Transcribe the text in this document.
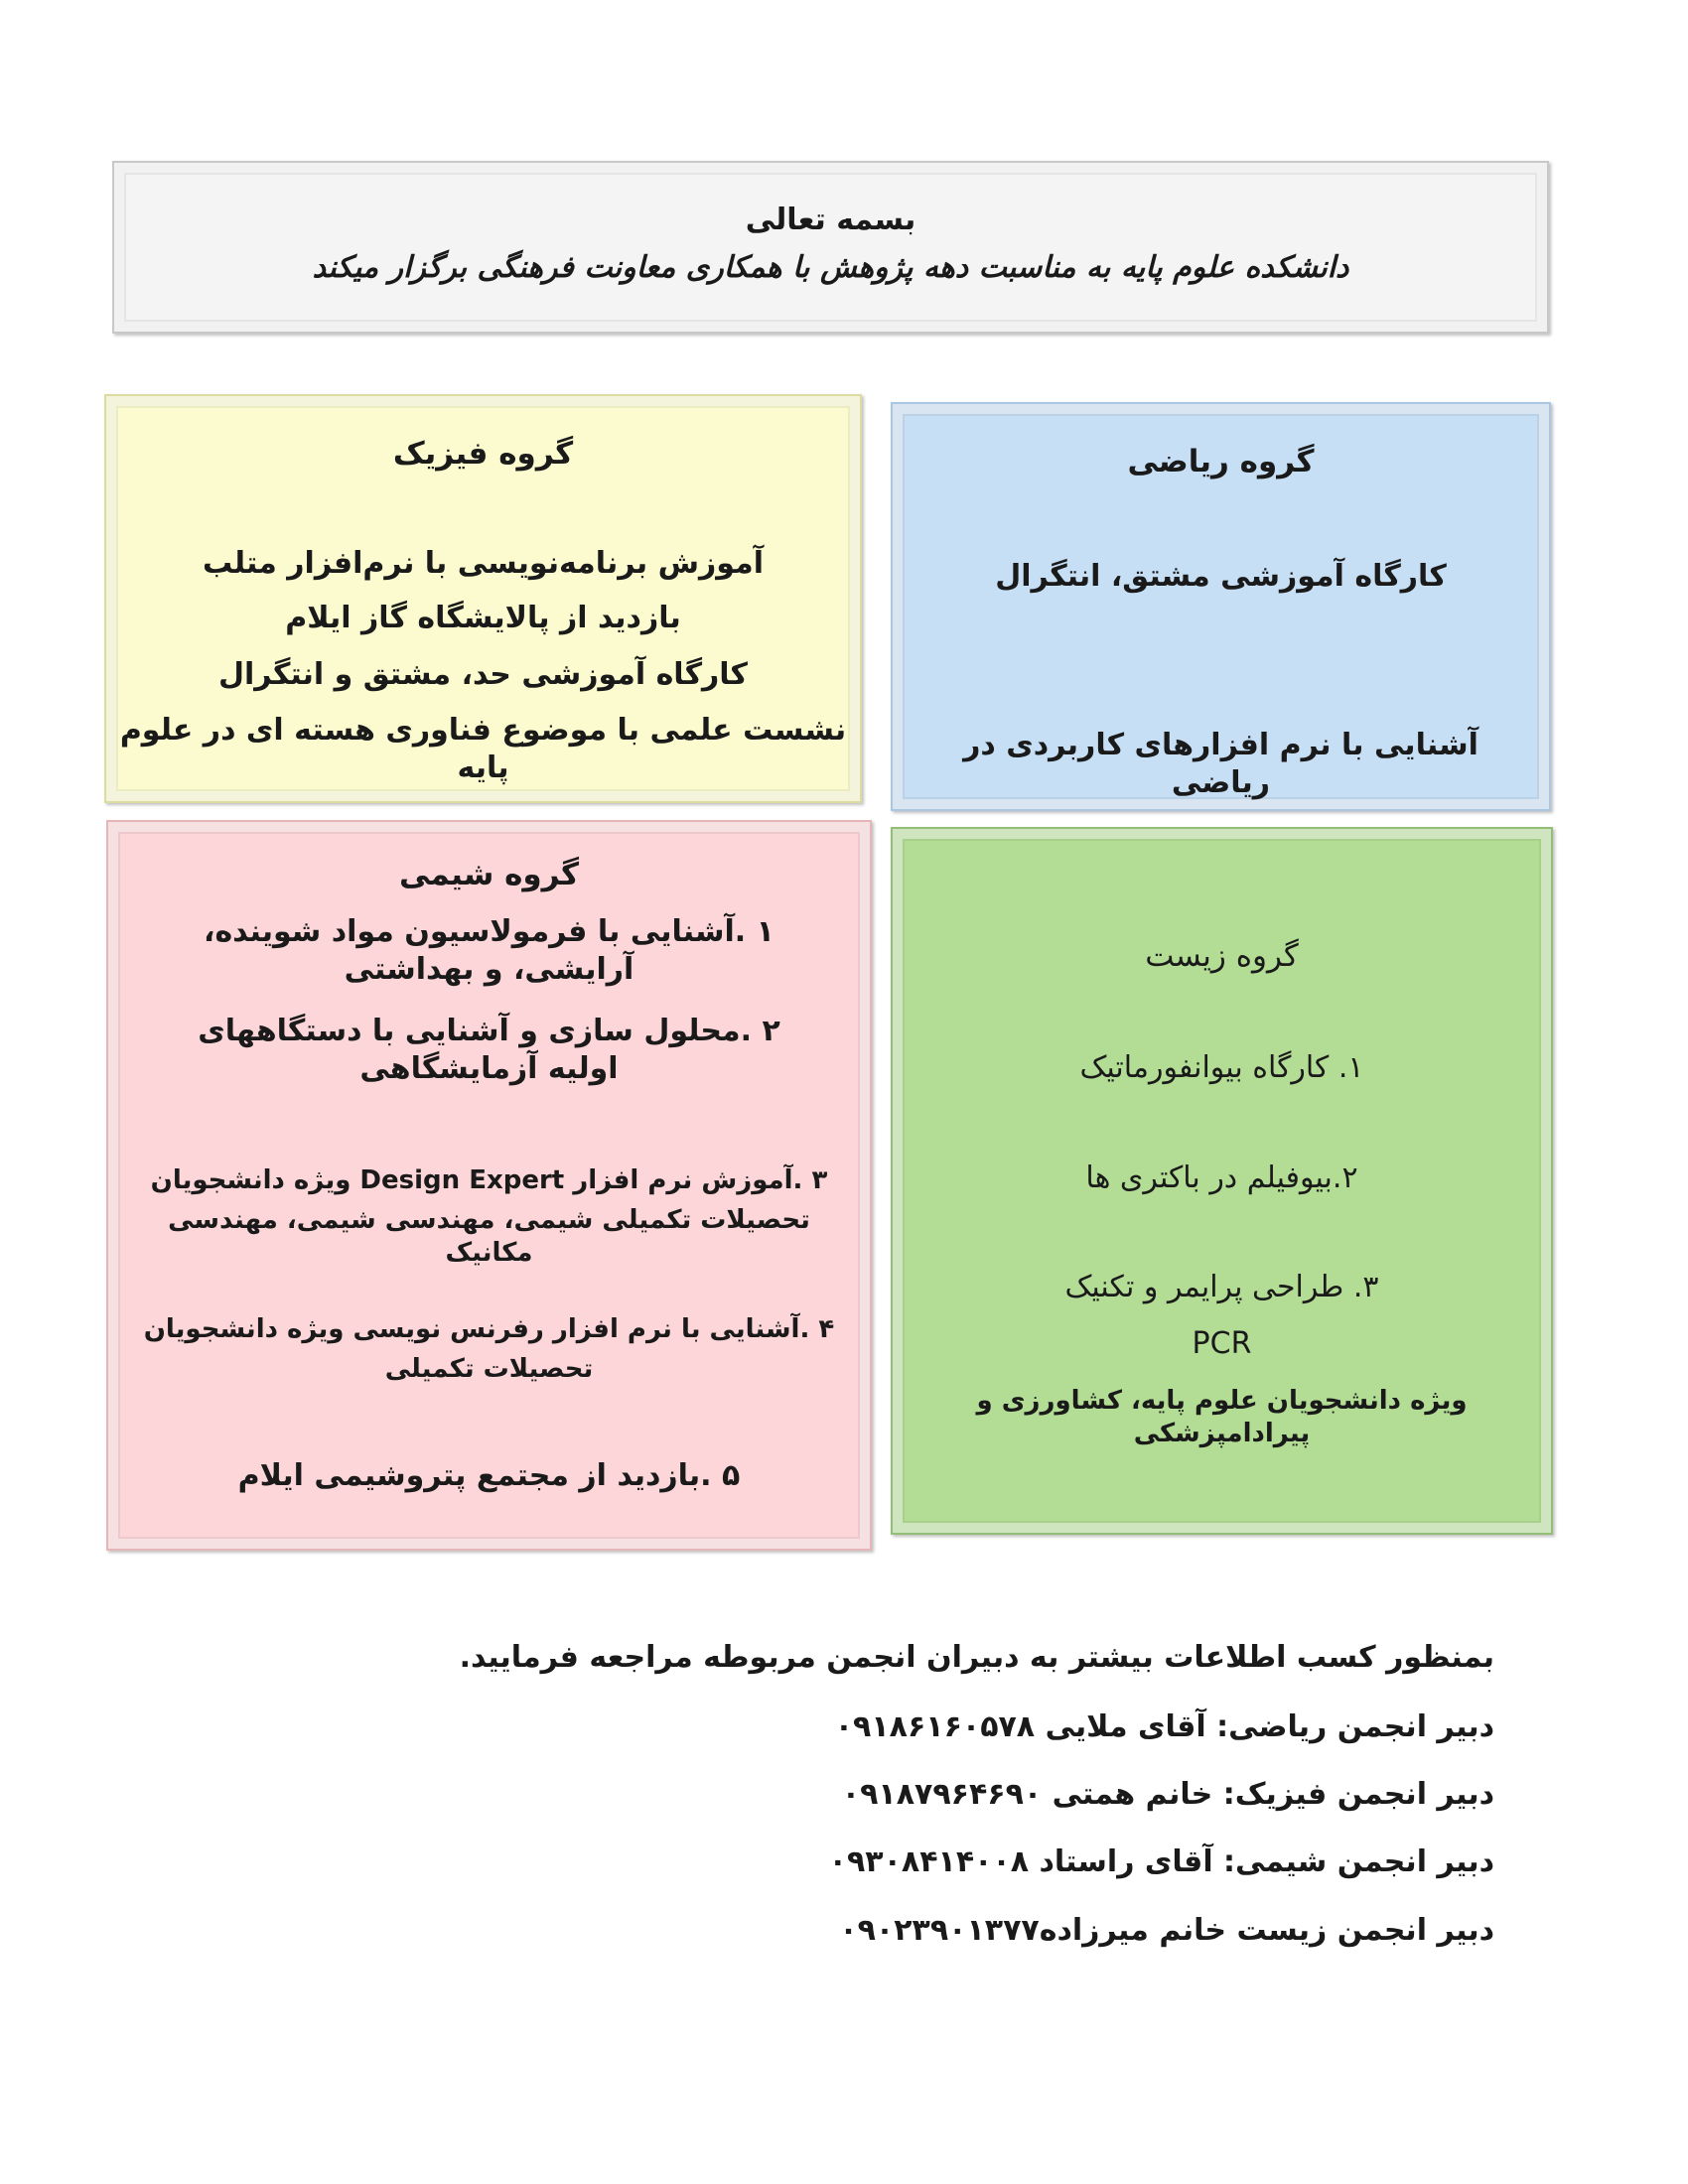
بسمه تعالی
دانشکده علوم پایه به مناسبت دهه پژوهش با همکاری معاونت فرهنگی برگزار میکند
گروه فیزیک
آموزش برنامه‌نویسی با نرم‌افزار متلب
بازدید از پالایشگاه گاز ایلام
کارگاه آموزشی حد، مشتق و انتگرال
نشست علمی با موضوع فناوری هسته ای در علوم پایه
گروه ریاضی
کارگاه آموزشی مشتق، انتگرال
آشنایی با نرم افزارهای کاربردی در ریاضی
گروه شیمی
۱ .آشنایی با فرمولاسیون مواد شوینده، آرایشی، و بهداشتی
۲ .محلول سازی و آشنایی با دستگاههای اولیه آزمایشگاهی
۳ .آموزش نرم افزار Design Expert ویژه دانشجویان
تحصیلات تکمیلی شیمی، مهندسی شیمی، مهندسی مکانیک
۴ .آشنایی با نرم افزار رفرنس نویسی ویژه دانشجویان
تحصیلات تکمیلی
۵ .بازدید از مجتمع پتروشیمی ایلام
گروه زیست
۱. کارگاه بیوانفورماتیک
۲.بیوفیلم در باکتری ها
۳. طراحی پرایمر و تکنیک
PCR
ویژه دانشجویان علوم پایه، کشاورزی و پیرادامپزشکی
بمنظور کسب اطلاعات بیشتر به دبیران انجمن مربوطه مراجعه فرمایید.
دبیر انجمن ریاضی: آقای ملایی ۰۹۱۸۶۱۶۰۵۷۸
دبیر انجمن فیزیک: خانم همتی ۰۹۱۸۷۹۶۴۶۹۰
دبیر انجمن شیمی: آقای راستاد ۰۹۳۰۸۴۱۴۰۰۸
دبیر انجمن زیست خانم میرزاده۰۹۰۲۳۹۰۱۳۷۷
